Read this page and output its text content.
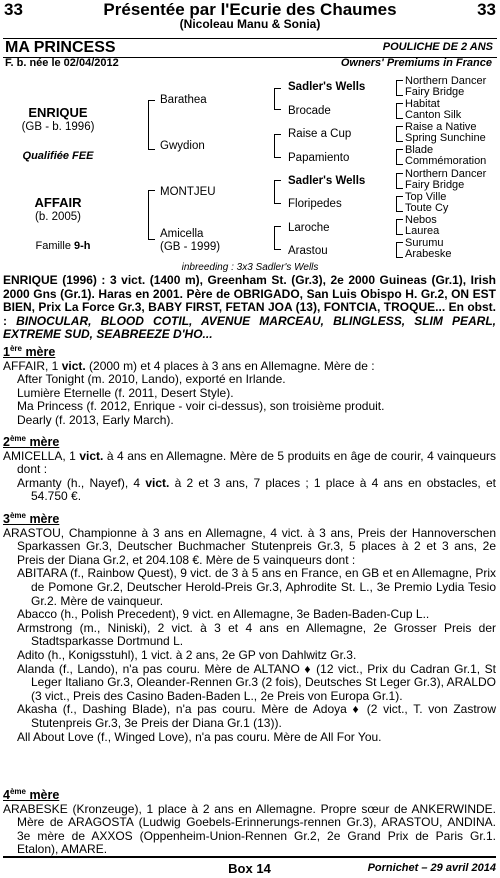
33	Présentée par l'Ecurie des Chaumes	33
(Nicoleau Manu & Sonia)
MA PRINCESS	POULICHE DE 2 ANS
F. b. née le 02/04/2012	Owners' Premiums in France
ENRIQUE
(GB - b. 1996)
Qualifiée FEE
AFFAIR
(b. 2005)
Famille 9-h
Barathea
Gwydion
MONTJEU
Amicella
(GB - 1999)
Sadler's Wells
Brocade
Raise a Cup
Papamiento
Sadler's Wells
Floripedes
Laroche
Arastou
Northern Dancer
Fairy Bridge
Habitat
Canton Silk
Raise a Native
Spring Sunchine
Blade
Commémoration
Northern Dancer
Fairy Bridge
Top Ville
Toute Cy
Nebos
Laurea
Surumu
Arabeske
inbreeding : 3x3 Sadler's Wells
ENRIQUE (1996) : 3 vict. (1400 m), Greenham St. (Gr.3), 2e 2000 Guineas (Gr.1), Irish 2000 Gns (Gr.1). Haras en 2001. Père de OBRIGADO, San Luis Obispo H. Gr.2, ON EST BIEN, Prix La Force Gr.3, BABY FIRST, FETAN JOA (13), FONTCIA, TROQUE... En obst. : BINOCULAR, BLOOD COTIL, AVENUE MARCEAU, BLINGLESS, SLIM PEARL, EXTREME SUD, SEABREEZE D'HO...
1ère mère
AFFAIR, 1 vict. (2000 m) et 4 places à 3 ans en Allemagne. Mère de :
After Tonight (m. 2010, Lando), exporté en Irlande.
Lumière Eternelle (f. 2011, Desert Style).
Ma Princess (f. 2012, Enrique - voir ci-dessus), son troisième produit.
Dearly (f. 2013, Early March).
2ème mère
AMICELLA, 1 vict. à 4 ans en Allemagne. Mère de 5 produits en âge de courir, 4 vainqueurs dont :
Armanty (h., Nayef), 4 vict. à 2 et 3 ans, 7 places ; 1 place à 4 ans en obstacles, et 54.750 €.
3ème mère
ARASTOU, Championne à 3 ans en Allemagne, 4 vict. à 3 ans, Preis der Hannoverschen Sparkassen Gr.3, Deutscher Buchmacher Stutenpreis Gr.3, 5 places à 2 et 3 ans, 2e Preis der Diana Gr.2, et 204.108 €. Mère de 5 vainqueurs dont :
ABITARA (f., Rainbow Quest), 9 vict. de 3 à 5 ans en France, en GB et en Allemagne, Prix de Pomone Gr.2, Deutscher Herold-Preis Gr.3, Aphrodite St. L., 3e Premio Lydia Tesio Gr.2. Mère de vainqueur.
Abacco (h., Polish Precedent), 9 vict. en Allemagne, 3e Baden-Baden-Cup L..
Armstrong (m., Niniski), 2 vict. à 3 et 4 ans en Allemagne, 2e Grosser Preis der Stadtsparkasse Dortmund L.
Adito (h., Konigsstuhl), 1 vict. à 2 ans, 2e GP von Dahlwitz Gr.3.
Alanda (f., Lando), n'a pas couru. Mère de ALTANO ♦ (12 vict., Prix du Cadran Gr.1, St Leger Italiano Gr.3, Oleander-Rennen Gr.3 (2 fois), Deutsches St Leger Gr.3), ARALDO (3 vict., Preis des Casino Baden-Baden L., 2e Preis von Europa Gr.1).
Akasha (f., Dashing Blade), n'a pas couru. Mère de Adoya ♦ (2 vict., T. von Zastrow Stutenpreis Gr.3, 3e Preis der Diana Gr.1 (13)).
All About Love (f., Winged Love), n'a pas couru. Mère de All For You.
4ème mère
ARABESKE (Kronzeuge), 1 place à 2 ans en Allemagne. Propre sœur de ANKERWINDE. Mère de ARAGOSTA (Ludwig Goebels-Erinnerungs-rennen Gr.3), ARASTOU, ANDINA. 3e mère de AXXOS (Oppenheim-Union-Rennen Gr.2, 2e Grand Prix de Paris Gr.1. Etalon), AMARE.
Box 14	Pornichet – 29 avril 2014
